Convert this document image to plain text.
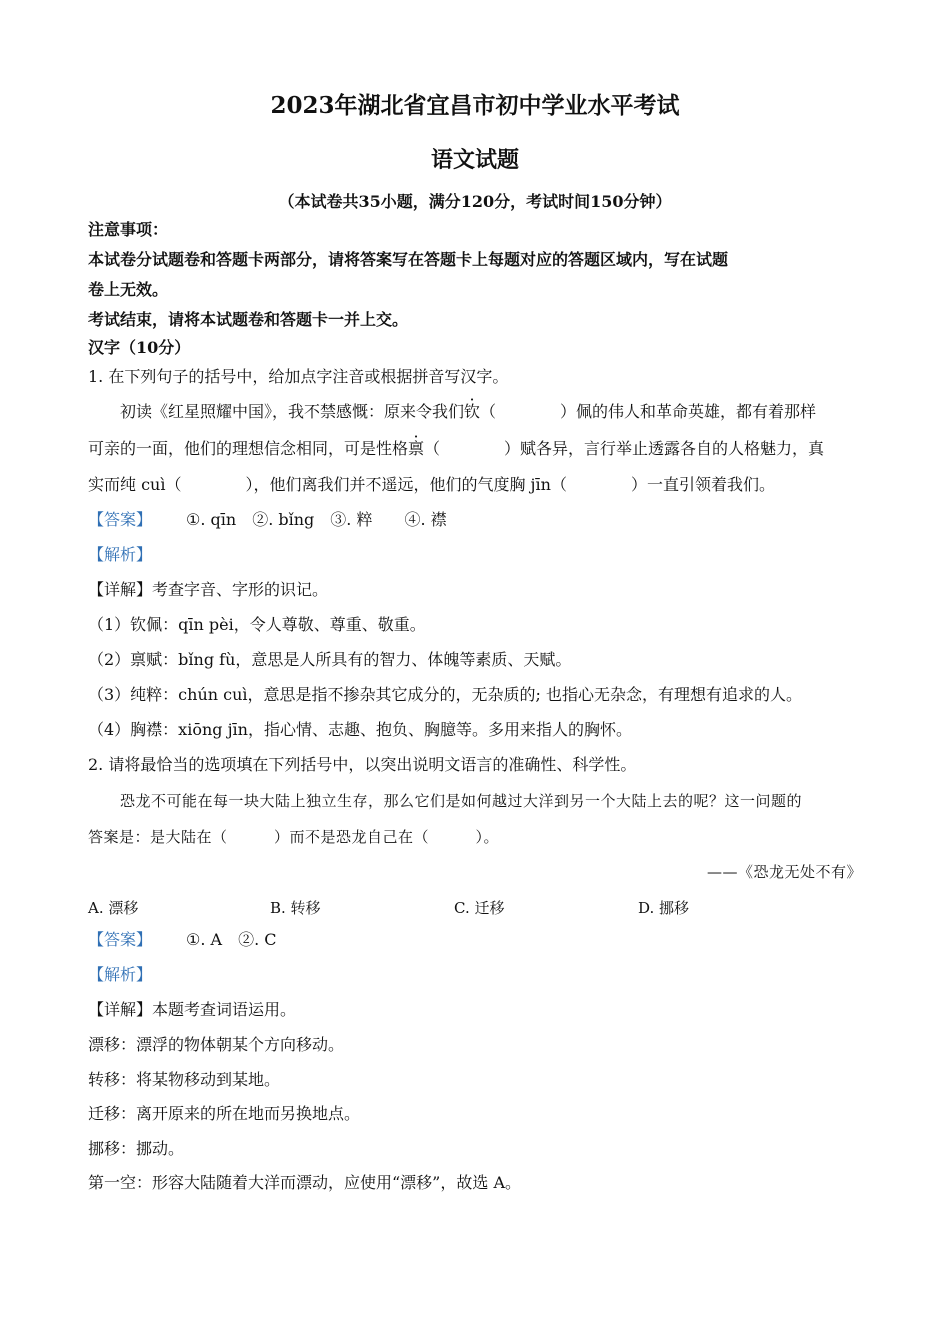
2023年湖北省宜昌市初中学业水平考试
语文试题
（本试卷共35小题，满分120分，考试时间150分钟）
注意事项：
本试卷分试题卷和答题卡两部分，请将答案写在答题卡上每题对应的答题区域内，写在试题
卷上无效。
考试结束，请将本试题卷和答题卡一并上交。
汉字（10分）
1. 在下列句子的括号中，给加点字注音或根据拼音写汉字。
初读《红星照耀中国》，我不禁感慨：原来令我们钦（　　　　）佩的伟人和革命英雄，都有着那样
可亲的一面，他们的理想信念相同，可是性格禀（　　　　）赋各异，言行举止透露各自的人格魅力，真
实而纯 cuì（　　　　），他们离我们并不遥远，他们的气度胸 jīn（　　　　）一直引领着我们。
【答案】 ①. qīn　②. bǐng　③. 粹　　④. 襟
【解析】
【详解】考查字音、字形的识记。
（1）钦佩：qīn pèi，令人尊敬、尊重、敬重。
（2）禀赋：bǐng fù，意思是人所具有的智力、体魄等素质、天赋。
（3）纯粹：chún cuì，意思是指不掺杂其它成分的，无杂质的; 也指心无杂念，有理想有追求的人。
（4）胸襟：xiōng jīn，指心情、志趣、抱负、胸臆等。多用来指人的胸怀。
2. 请将最恰当的选项填在下列括号中，以突出说明文语言的准确性、科学性。
恐龙不可能在每一块大陆上独立生存，那么它们是如何越过大洋到另一个大陆上去的呢？这一问题的
答案是：是大陆在（　　　）而不是恐龙自己在（　　　）。
——《恐龙无处不有》
A. 漂移	B. 转移	C. 迁移	D. 挪移
【答案】 ①. A　②. C
【解析】
【详解】本题考查词语运用。
漂移：漂浮的物体朝某个方向移动。
转移：将某物移动到某地。
迁移：离开原来的所在地而另换地点。
挪移：挪动。
第一空：形容大陆随着大洋而漂动，应使用“漂移”，故选 A。
